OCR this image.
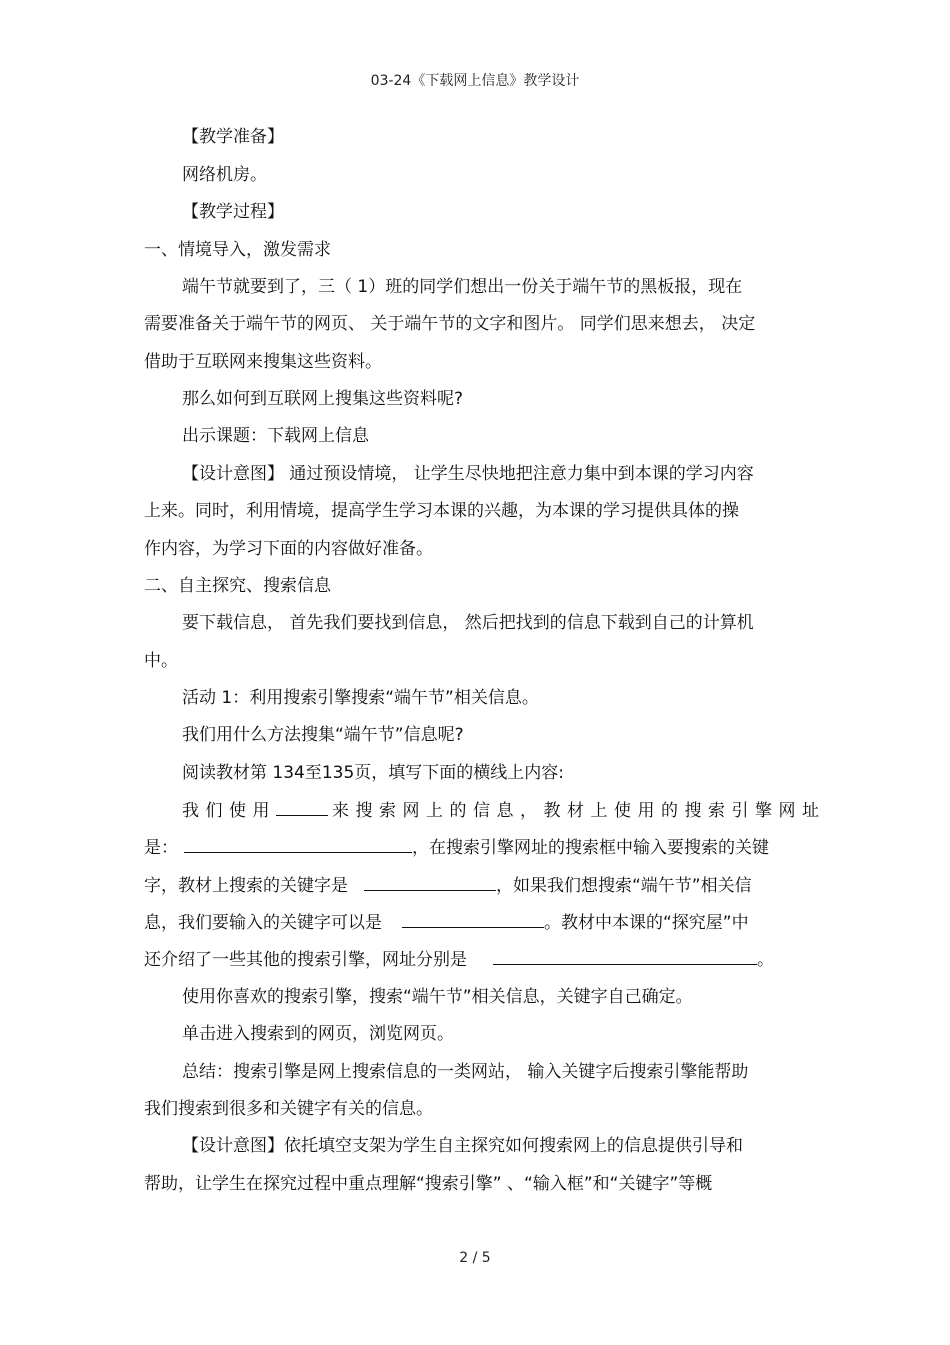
03-24《下载网上信息》教学设计
【教学准备】
网络机房。
【教学过程】
一、情境导入，激发需求
端午节就要到了，三（ 1）班的同学们想出一份关于端午节的黑板报，现在
需要准备关于端午节的网页、 关于端午节的文字和图片。 同学们思来想去， 决定
借助于互联网来搜集这些资料。
那么如何到互联网上搜集这些资料呢?
出示课题：下载网上信息
【设计意图】 通过预设情境， 让学生尽快地把注意力集中到本课的学习内容
上来。同时，利用情境，提高学生学习本课的兴趣，为本课的学习提供具体的操
作内容，为学习下面的内容做好准备。
二、自主探究、搜索信息
要下载信息， 首先我们要找到信息， 然后把找到的信息下载到自己的计算机
中。
活动 1：利用搜索引擎搜索“端午节”相关信息。
我们用什么方法搜集“端午节”信息呢?
阅读教材第 134至135页，填写下面的横线上内容:
我们使用	来搜索网上的信息，教材上使用的搜索引擎网址
是：	，在搜索引擎网址的搜索框中输入要搜索的关键
字，教材上搜索的关键字是	，如果我们想搜索“端午节”相关信
息，我们要输入的关键字可以是	。教材中本课的“探究屋”中
还介绍了一些其他的搜索引擎，网址分别是	。
使用你喜欢的搜索引擎，搜索“端午节”相关信息，关键字自己确定。
单击进入搜索到的网页，浏览网页。
总结：搜索引擎是网上搜索信息的一类网站， 输入关键字后搜索引擎能帮助
我们搜索到很多和关键字有关的信息。
【设计意图】依托填空支架为学生自主探究如何搜索网上的信息提供引导和
帮助，让学生在探究过程中重点理解“搜索引擎” 、“输入框”和“关键字”等概
2 / 5
